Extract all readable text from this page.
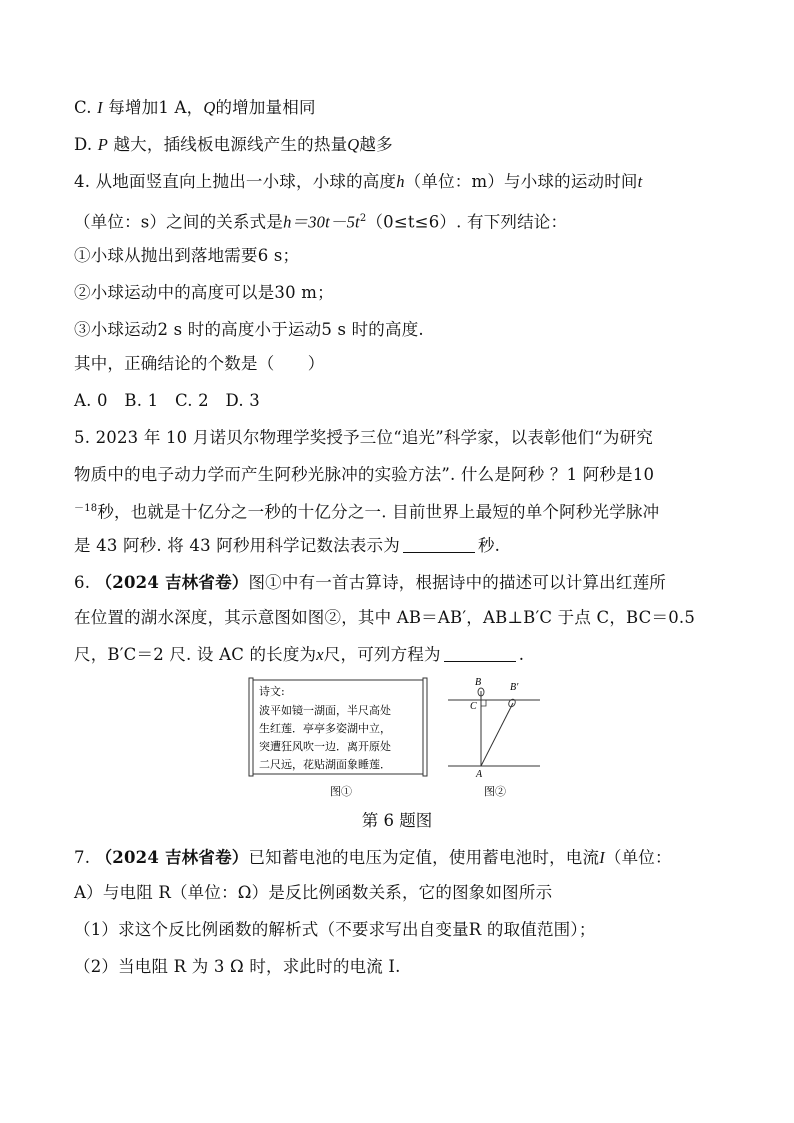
C. I 每增加1 A，Q的增加量相同
D. P 越大，插线板电源线产生的热量Q越多
4. 从地面竖直向上抛出一小球，小球的高度h（单位：m）与小球的运动时间t
（单位：s）之间的关系式是$h=30t-5t^2(0\le t\le 6)$. 有下列结论：
①小球从抛出到落地需要6 s；
②小球运动中的高度可以是30 m；
③小球运动2 s 时的高度小于运动5 s 时的高度.
其中，正确结论的个数是（　　）
A. 0　B. 1　C. 2　D. 3
5. 2023 年 10 月诺贝尔物理学奖授予三位“追光”科学家，以表彰他们“为研究
物质中的电子动力学而产生阿秒光脉冲的实验方法”. 什么是阿秒 ？1 阿秒是10
$^{-18}$秒，也就是十亿分之一秒的十亿分之一. 目前世界上最短的单个阿秒光学脉冲
是 43 阿秒. 将 43 阿秒用科学记数法表示为	秒.
6. （2024 吉林省卷）图①中有一首古算诗，根据诗中的描述可以计算出红莲所
在位置的湖水深度，其示意图如图②，其中 AB＝AB′，AB⊥B′C 于点 C，BC＝0.5
尺，B′C＝2 尺. 设 AC 的长度为x尺，可列方程为	.
诗文:
波平如镜一湖面，半尺高处
生红莲．亭亭多姿湖中立，
突遭狂风吹一边．离开原处
二尺远，花贴湖面象睡莲．
图①
B	B′
C
A
图②
第 6 题图
7. （2024 吉林省卷）已知蓄电池的电压为定值，使用蓄电池时，电流I（单位：
A）与电阻 R（单位：Ω）是反比例函数关系，它的图象如图所示
（1）求这个反比例函数的解析式（不要求写出自变量R 的取值范围）；
（2）当电阻 R 为 3 Ω 时，求此时的电流 I.
